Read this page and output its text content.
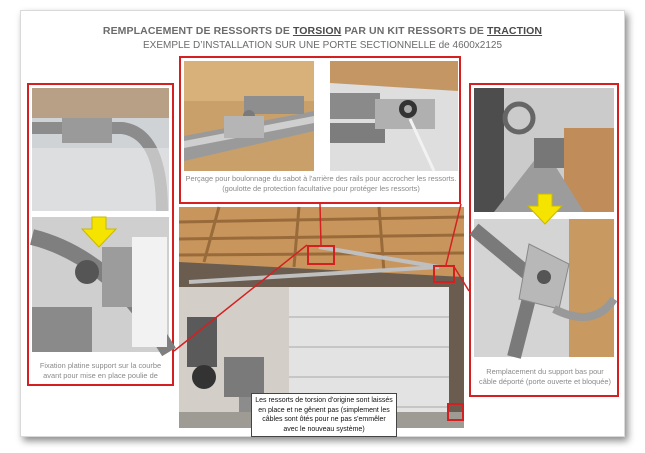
REMPLACEMENT DE RESSORTS DE TORSION PAR UN KIT RESSORTS DE TRACTION
EXEMPLE D’INSTALLATION SUR UNE PORTE SECTIONNELLE de 4600x2125
Perçage pour boulonnage du sabot à l'arrière des rails pour accrocher les ressorts. (goulotte de protection facultative pour protéger les ressorts)
Fixation platine support sur la courbe avant pour mise en place poulie de	Remplacement du support bas pour câble déporté (porte ouverte et bloquée)
Les ressorts de torsion d'origine sont laissés en place et ne gênent pas (simplement les câbles sont ôtés pour ne pas s'emmêler avec le nouveau système)
